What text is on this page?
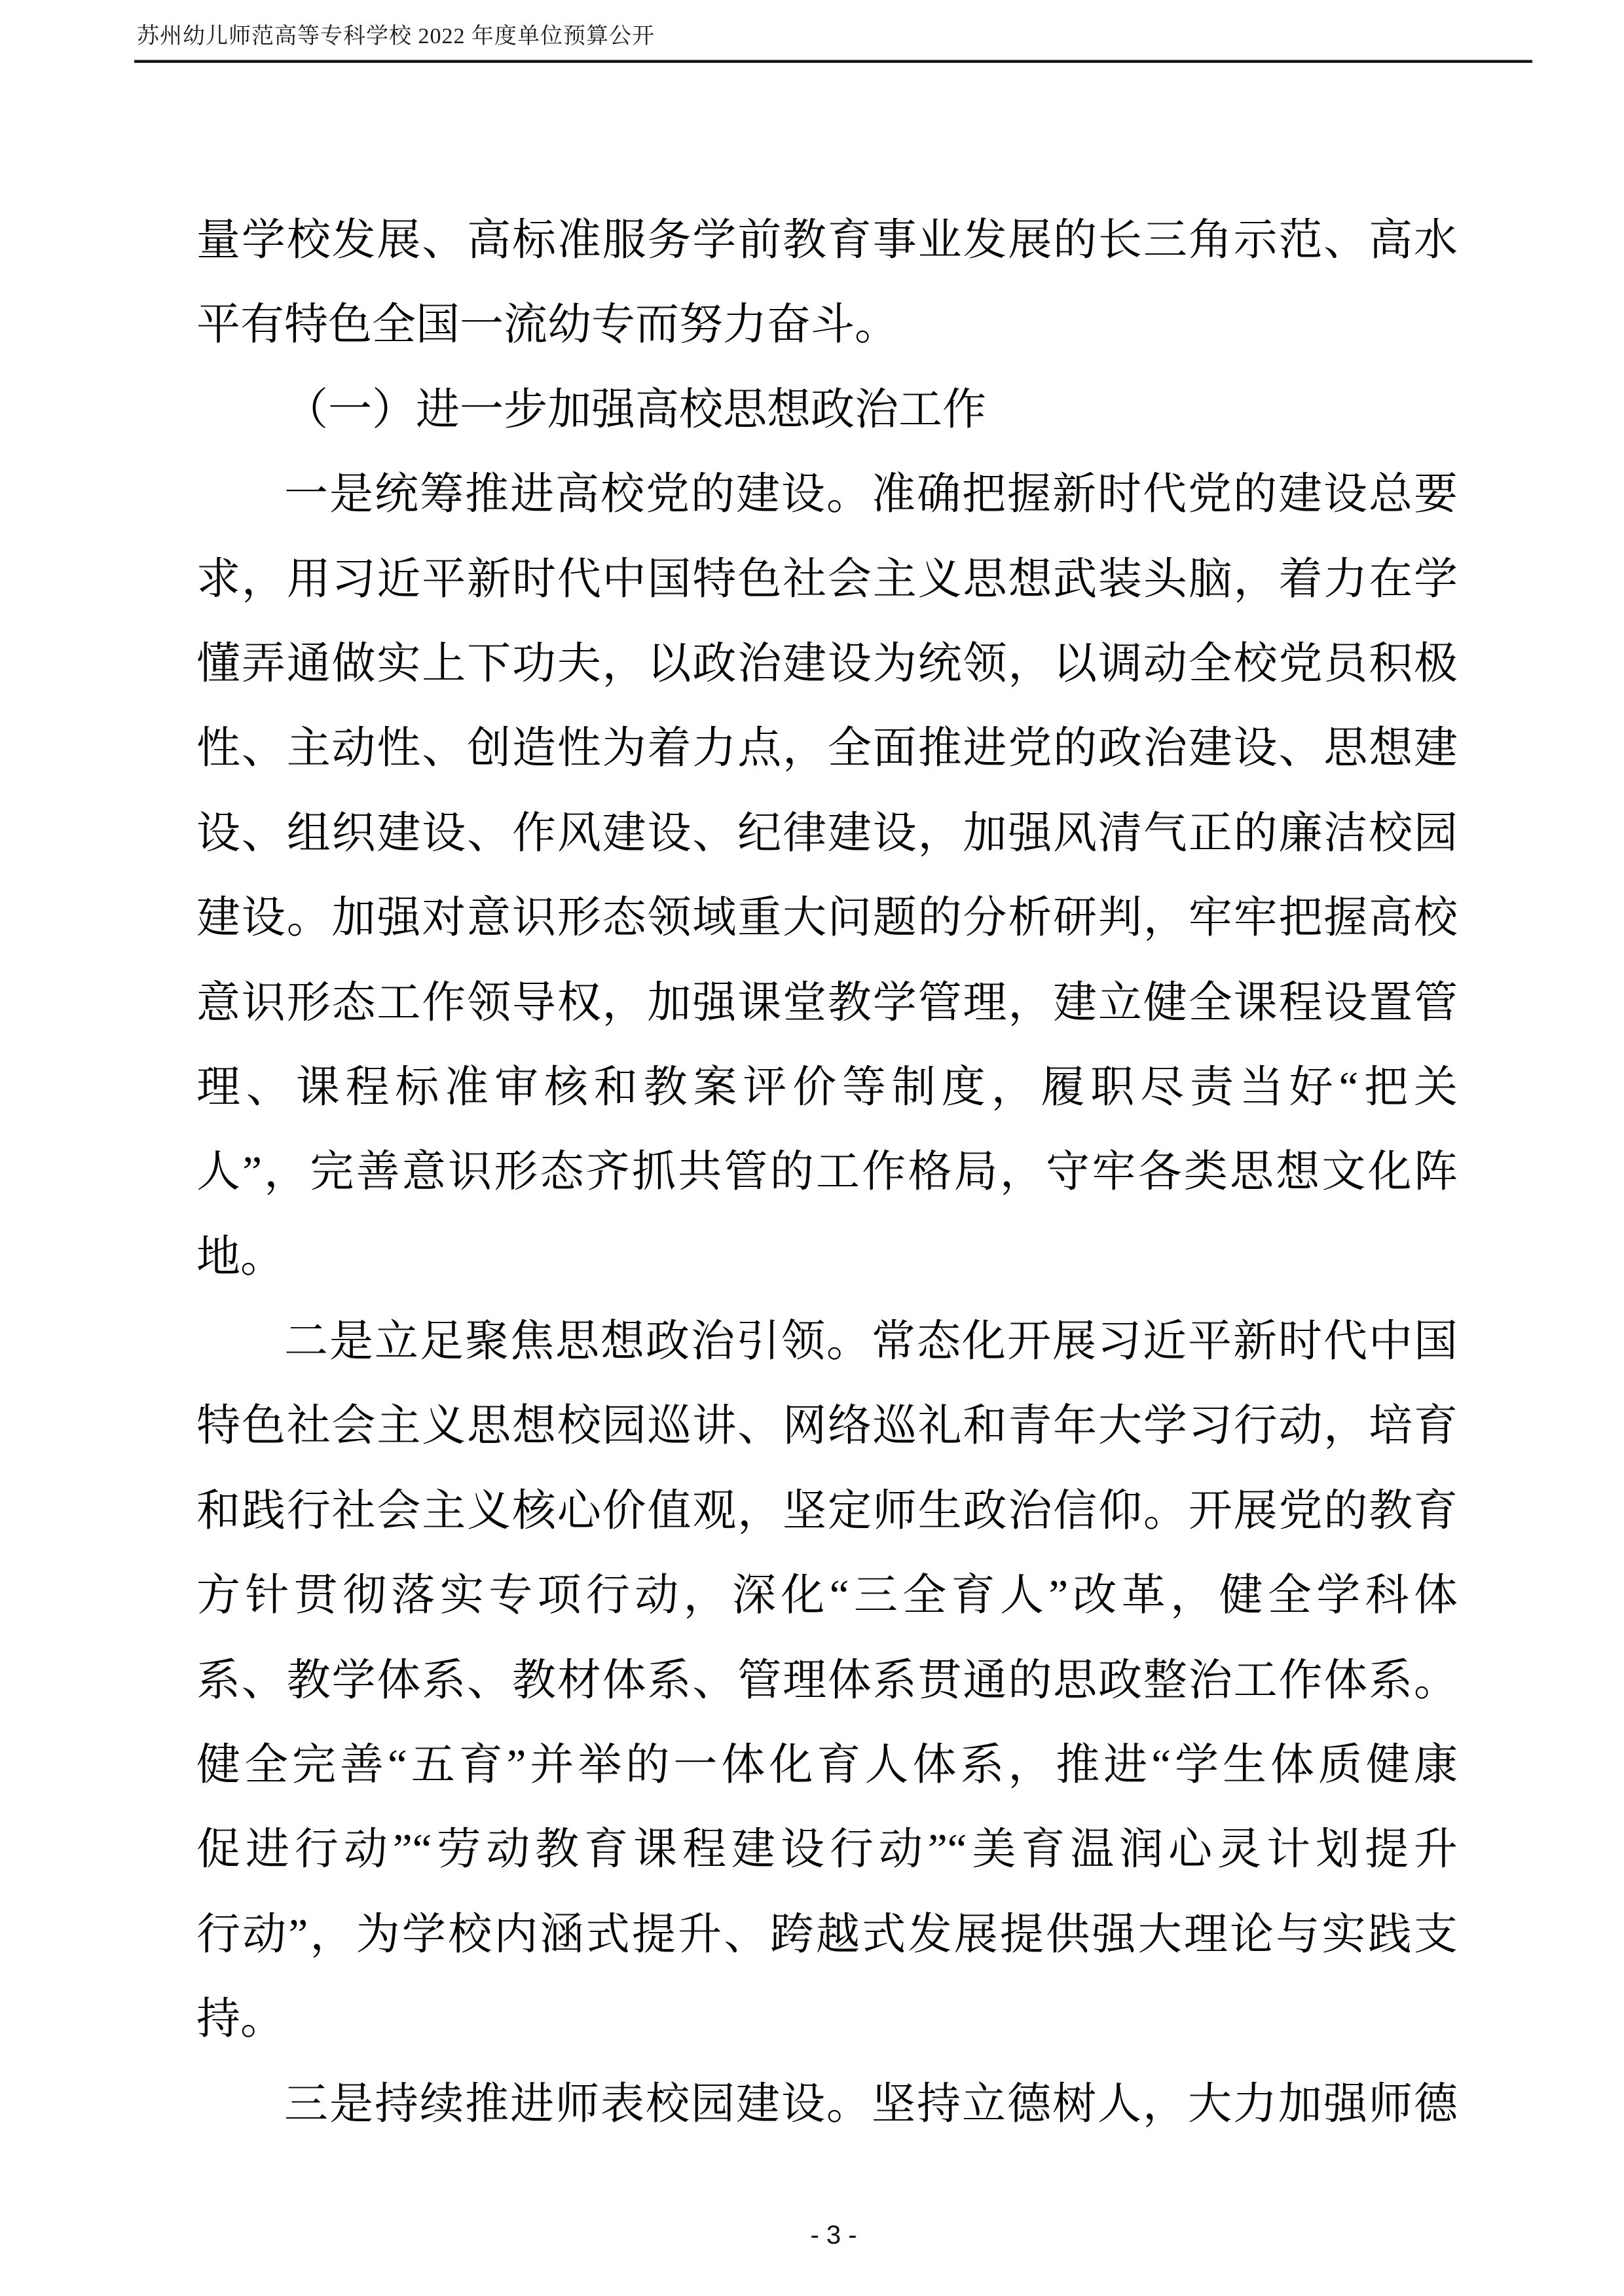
苏州幼儿师范高等专科学校 2022 年度单位预算公开
量学校发展、高标准服务学前教育事业发展的长三角示范、高水
平有特色全国一流幼专而努力奋斗。
（一）进一步加强高校思想政治工作
一是统筹推进高校党的建设。准确把握新时代党的建设总要
求，用习近平新时代中国特色社会主义思想武装头脑，着力在学
懂弄通做实上下功夫，以政治建设为统领，以调动全校党员积极
性、主动性、创造性为着力点，全面推进党的政治建设、思想建
设、组织建设、作风建设、纪律建设，加强风清气正的廉洁校园
建设。加强对意识形态领域重大问题的分析研判，牢牢把握高校
意识形态工作领导权，加强课堂教学管理，建立健全课程设置管
理、课程标准审核和教案评价等制度，履职尽责当好“把关
人”，完善意识形态齐抓共管的工作格局，守牢各类思想文化阵
地。
二是立足聚焦思想政治引领。常态化开展习近平新时代中国
特色社会主义思想校园巡讲、网络巡礼和青年大学习行动，培育
和践行社会主义核心价值观，坚定师生政治信仰。开展党的教育
方针贯彻落实专项行动，深化“三全育人”改革，健全学科体
系、教学体系、教材体系、管理体系贯通的思政整治工作体系。
健全完善“五育”并举的一体化育人体系，推进“学生体质健康
促进行动”“劳动教育课程建设行动”“美育温润心灵计划提升
行动”，为学校内涵式提升、跨越式发展提供强大理论与实践支
持。
三是持续推进师表校园建设。坚持立德树人，大力加强师德
- 3 -
